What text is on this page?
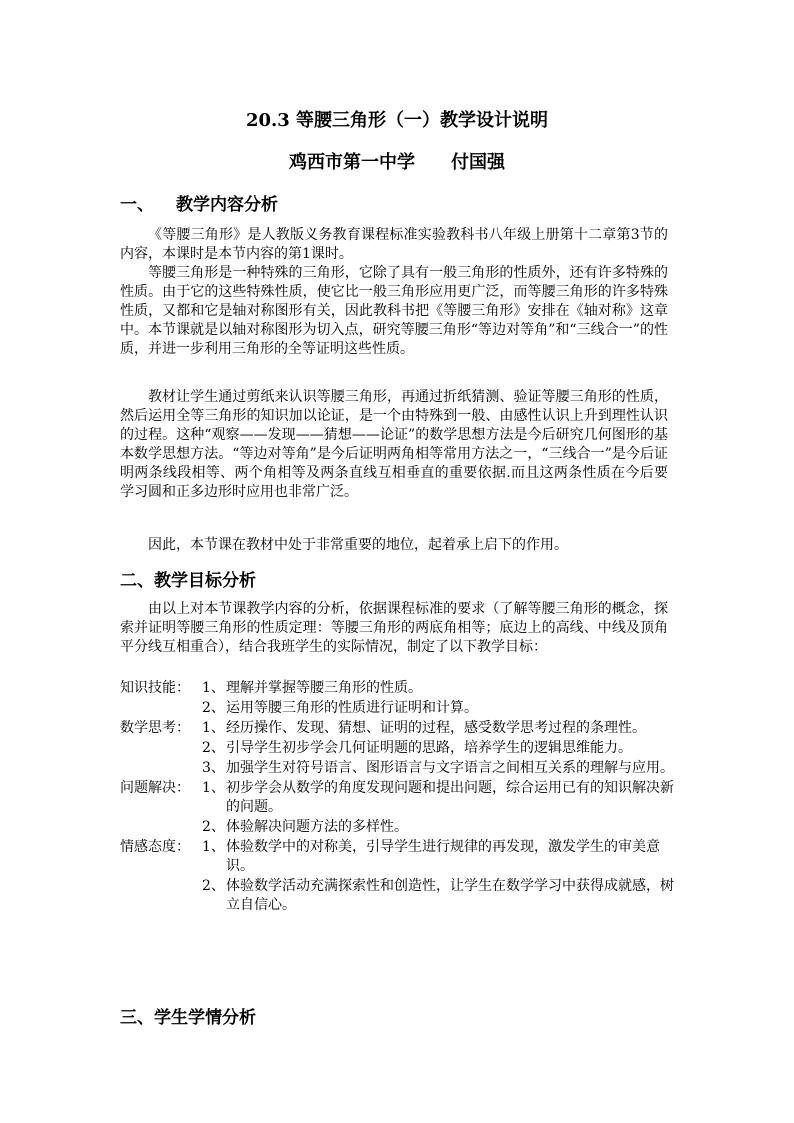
20.3 等腰三角形（一）教学设计说明
鸡西市第一中学 付国强
一、 教学内容分析

《等腰三角形》是人教版义务教育课程标准实验教科书八年级上册第十二章第3节的内容，本课时是本节内容的第1课时。

等腰三角形是一种特殊的三角形，它除了具有一般三角形的性质外，还有许多特殊的性质。由于它的这些特殊性质，使它比一般三角形应用更广泛，而等腰三角形的许多特殊性质，又都和它是轴对称图形有关，因此教科书把《等腰三角形》安排在《轴对称》这章中。本节课就是以轴对称图形为切入点，研究等腰三角形“等边对等角”和“三线合一”的性质，并进一步利用三角形的全等证明这些性质。

教材让学生通过剪纸来认识等腰三角形，再通过折纸猜测、验证等腰三角形的性质，然后运用全等三角形的知识加以论证，是一个由特殊到一般、由感性认识上升到理性认识的过程。这种“观察——发现——猜想——论证”的数学思想方法是今后研究几何图形的基本数学思想方法。“等边对等角”是今后证明两角相等常用方法之一，“三线合一”是今后证明两条线段相等、两个角相等及两条直线互相垂直的重要依据.而且这两条性质在今后要学习圆和正多边形时应用也非常广泛。

因此，本节课在教材中处于非常重要的地位，起着承上启下的作用。

二、教学目标分析

由以上对本节课教学内容的分析，依据课程标准的要求（了解等腰三角形的概念，探索并证明等腰三角形的性质定理：等腰三角形的两底角相等；底边上的高线、中线及顶角平分线互相重合），结合我班学生的实际情况，制定了以下教学目标：

知识技能： 1、 理解并掌握等腰三角形的性质。
2、 运用等腰三角形的性质进行证明和计算。
数学思考： 1、 经历操作、发现、猜想、证明的过程，感受数学思考过程的条理性。
2、 引导学生初步学会几何证明题的思路，培养学生的逻辑思维能力。
3、 加强学生对符号语言、图形语言与文字语言之间相互关系的理解与应用。
问题解决： 1、 初步学会从数学的角度发现问题和提出问题，综合运用已有的知识解决新的问题。
2、 体验解决问题方法的多样性。
情感态度： 1、 体验数学中的对称美，引导学生进行规律的再发现，激发学生的审美意识。
2、 体验数学活动充满探索性和创造性，让学生在数学学习中获得成就感，树立自信心。
三、学生学情分析
